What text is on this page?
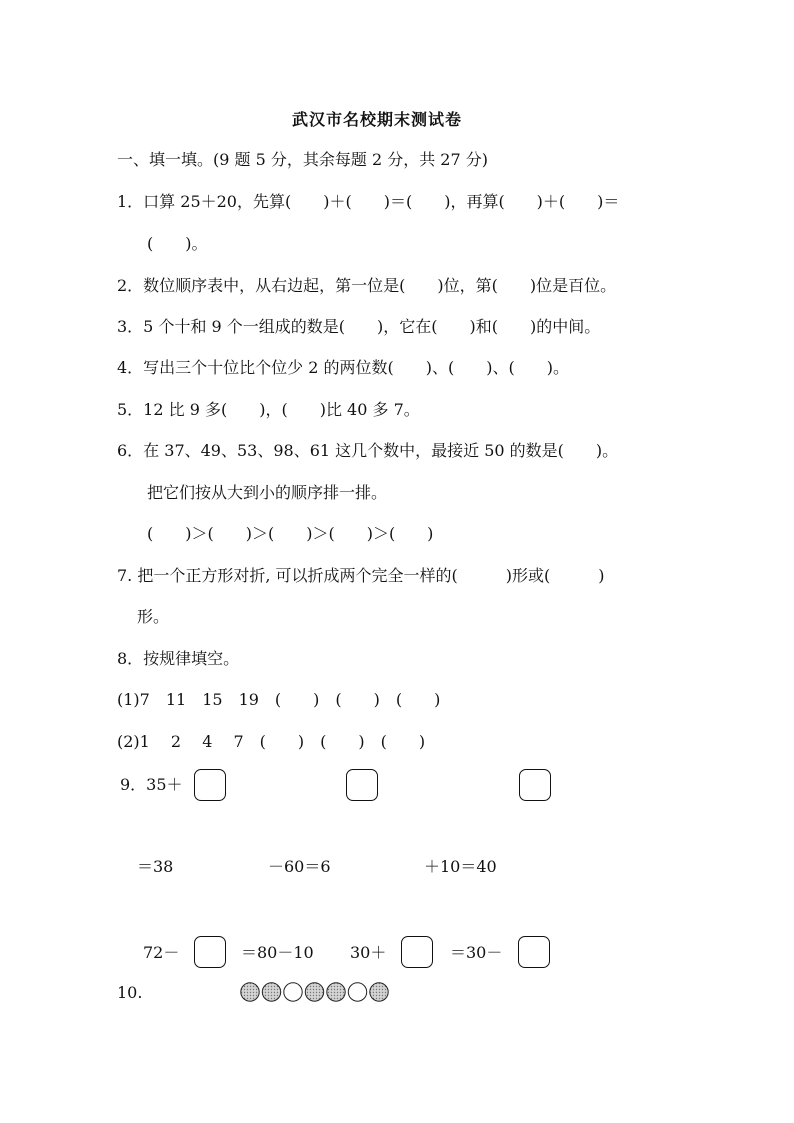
武汉市名校期末测试卷
一、填一填。(9 题 5 分，其余每题 2 分，共 27 分)
1．口算 25＋20，先算(　　)＋(　　)＝(　　)，再算(　　)＋(　　)＝
(　　)。
2．数位顺序表中，从右边起，第一位是(　　)位，第(　　)位是百位。
3．5 个十和 9 个一组成的数是(　　)，它在(　　)和(　　)的中间。
4．写出三个十位比个位少 2 的两位数(　　)、(　　)、(　　)。
5．12 比 9 多(　　)，(　　)比 40 多 7。
6．在 37、49、53、98、61 这几个数中，最接近 50 的数是(　　)。
把它们按从大到小的顺序排一排。
(　　)＞(　　)＞(　　)＞(　　)＞(　　)
7. 把一个正方形对折, 可以折成两个完全一样的(　　　)形或(　　　)
形。
8．按规律填空。
(1)7　11　15　19　(　　)　(　　)　(　　)
(2)1　 2　 4　 7　(　　)　(　　)　(　　)
9．35＋
＝38	－60＝6	＋10＝40
72－	＝80－10 30＋	＝30－
10.
